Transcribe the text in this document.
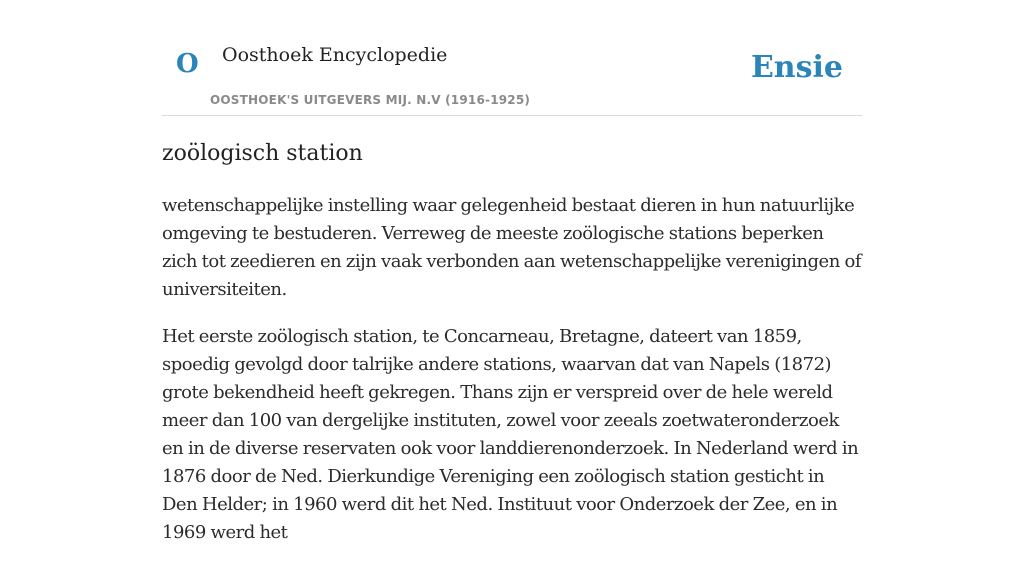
O Oosthoek Encyclopedie
OOSTHOEK'S UITGEVERS MIJ. N.V (1916-1925)
Ensie
zoölogisch station

wetenschappelijke instelling waar gelegenheid bestaat dieren in hun natuurlijke omgeving te bestuderen. Verreweg de meeste zoölogische stations beperken zich tot zeedieren en zijn vaak verbonden aan wetenschappelijke verenigingen of universiteiten.

Het eerste zoölogisch station, te Concarneau, Bretagne, dateert van 1859, spoedig gevolgd door talrijke andere stations, waarvan dat van Napels (1872) grote bekendheid heeft gekregen. Thans zijn er verspreid over de hele wereld meer dan 100 van dergelijke instituten, zowel voor zeeals zoetwateronderzoek en in de diverse reservaten ook voor landdierenonderzoek. In Nederland werd in 1876 door de Ned. Dierkundige Vereniging een zoölogisch station gesticht in Den Helder; in 1960 werd dit het Ned. Instituut voor Onderzoek der Zee, en in 1969 werd het
